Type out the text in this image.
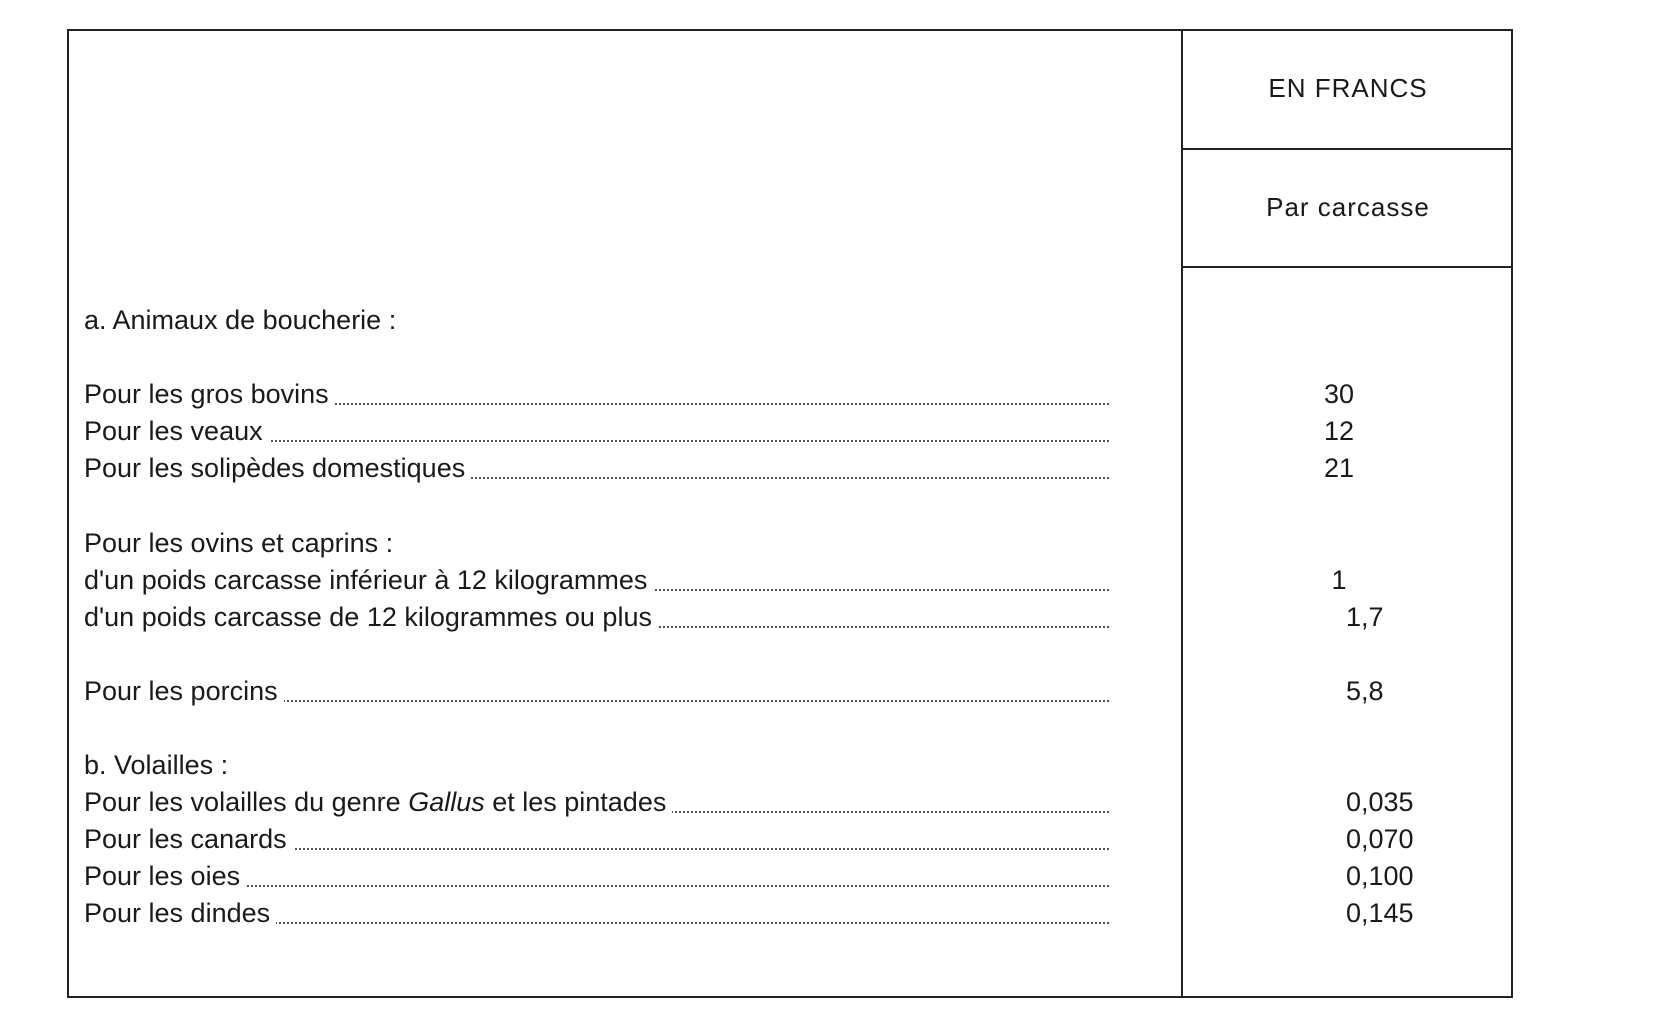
EN FRANCS
Par carcasse
a. Animaux de boucherie :
Pour les gros bovins	30
Pour les veaux	12
Pour les solipèdes domestiques	21
Pour les ovins et caprins :
d'un poids carcasse inférieur à 12 kilogrammes	1
d'un poids carcasse de 12 kilogrammes ou plus	1,7
Pour les porcins	5,8
b. Volailles :
Pour les volailles du genre Gallus et les pintades	0,035
Pour les canards	0,070
Pour les oies	0,100
Pour les dindes	0,145
